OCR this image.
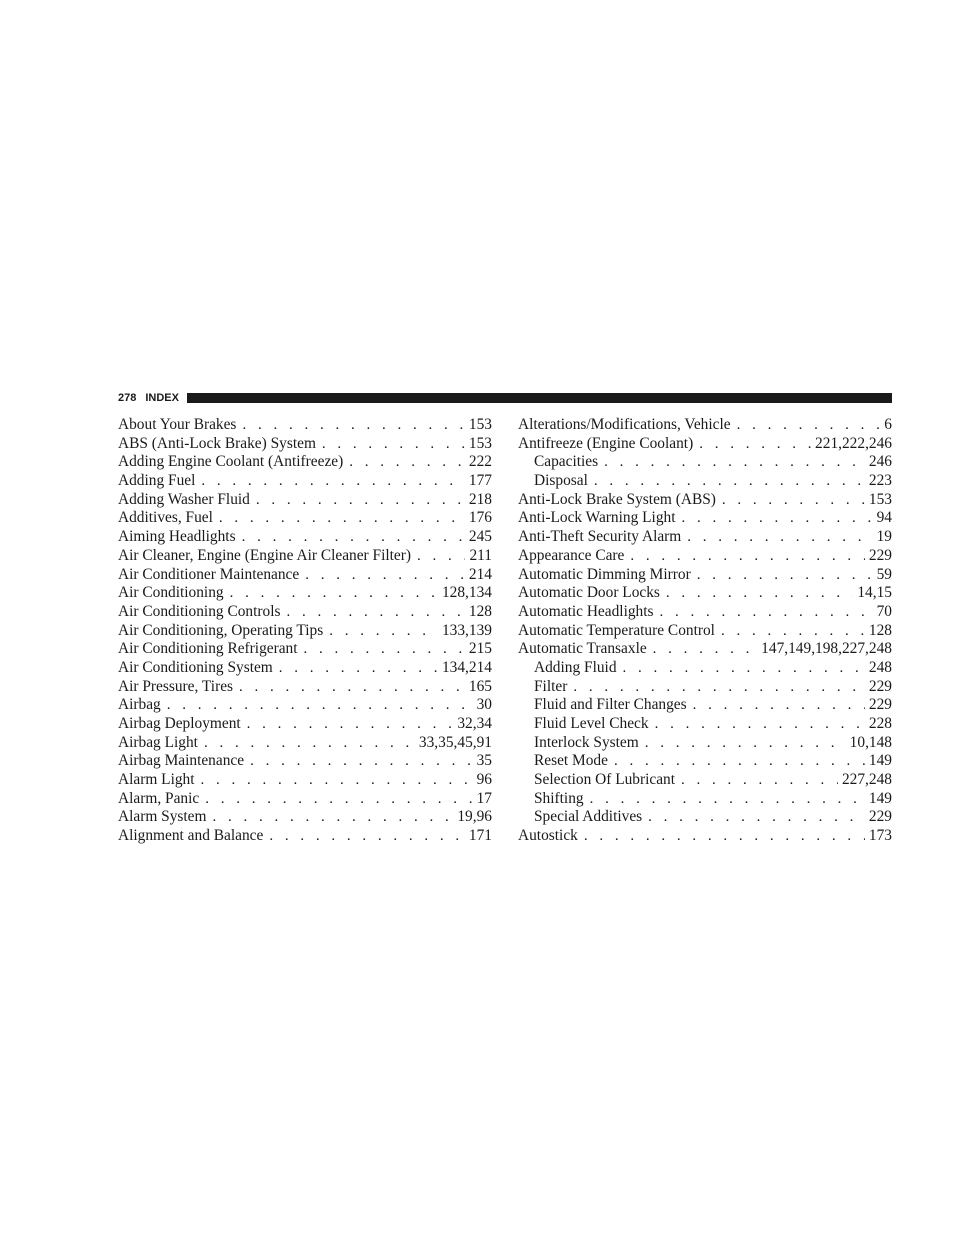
278 INDEX
About Your Brakes . . .	153
ABS (Anti-Lock Brake) System . . .	153
Adding Engine Coolant (Antifreeze) . . .	222
Adding Fuel . . .	177
Adding Washer Fluid . . .	218
Additives, Fuel . . .	176
Aiming Headlights . . .	245
Air Cleaner, Engine (Engine Air Cleaner Filter) . . .	211
Air Conditioner Maintenance . . .	214
Air Conditioning . . .	128,134
Air Conditioning Controls . . .	128
Air Conditioning, Operating Tips . . .	133,139
Air Conditioning Refrigerant . . .	215
Air Conditioning System . . .	134,214
Air Pressure, Tires . . .	165
Airbag . . .	30
Airbag Deployment . . .	32,34
Airbag Light . . .	33,35,45,91
Airbag Maintenance . . .	35
Alarm Light . . .	96
Alarm, Panic . . .	17
Alarm System . . .	19,96
Alignment and Balance . . .	171
Alterations/Modifications, Vehicle . . .	6
Antifreeze (Engine Coolant) . . .	221,222,246
Capacities . . .	246
Disposal . . .	223
Anti-Lock Brake System (ABS) . . .	153
Anti-Lock Warning Light . . .	94
Anti-Theft Security Alarm . . .	19
Appearance Care . . .	229
Automatic Dimming Mirror . . .	59
Automatic Door Locks . . .	14,15
Automatic Headlights . . .	70
Automatic Temperature Control . . .	128
Automatic Transaxle . . .	147,149,198,227,248
Adding Fluid . . .	248
Filter . . .	229
Fluid and Filter Changes . . .	229
Fluid Level Check . . .	228
Interlock System . . .	10,148
Reset Mode . . .	149
Selection Of Lubricant . . .	227,248
Shifting . . .	149
Special Additives . . .	229
Autostick . . .	173
